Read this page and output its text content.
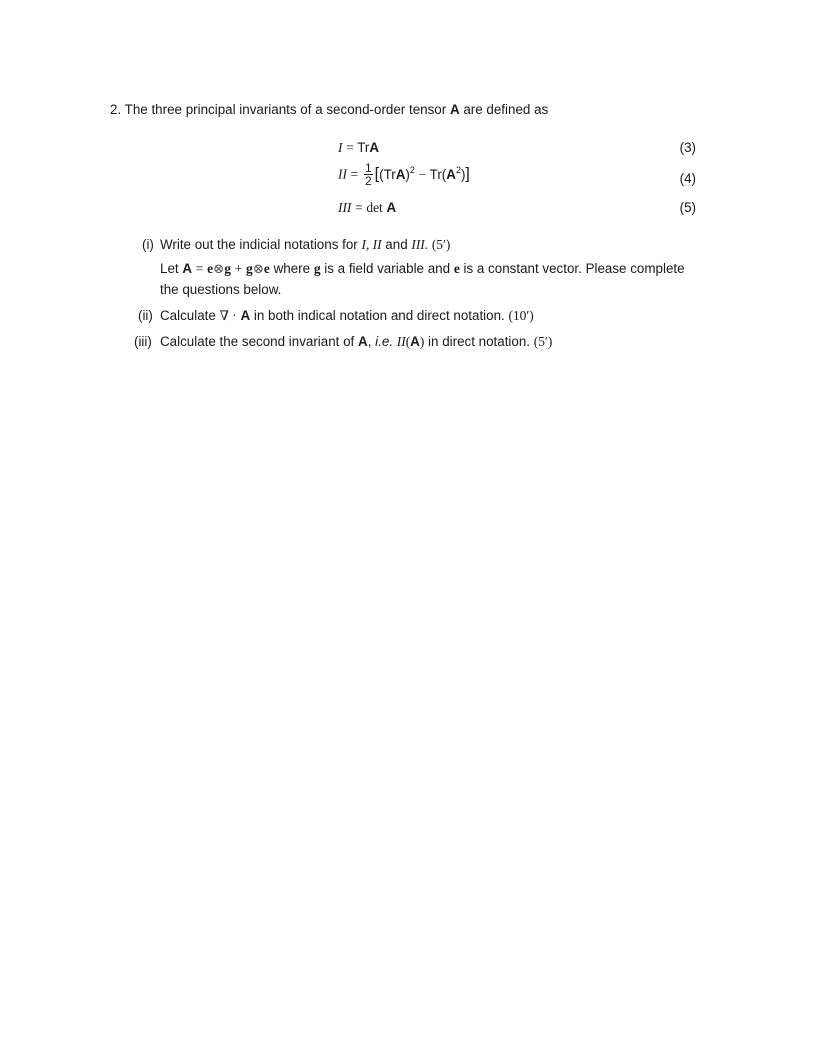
2. The three principal invariants of a second-order tensor A are defined as
I = TrA	(3)
II = $\frac{1}{2} [(TrA)^2 - Tr(A^2)]$	(4)
III = det A	(5)
(i) Write out the indicial notations for I, II and III. (5′)
Let A = e⊗g + g⊗e where g is a field variable and e is a constant vector. Please complete
the questions below.
(ii) Calculate ∇ · A in both indical notation and direct notation. (10′)
(iii) Calculate the second invariant of A, i.e. II(A) in direct notation. (5′)
